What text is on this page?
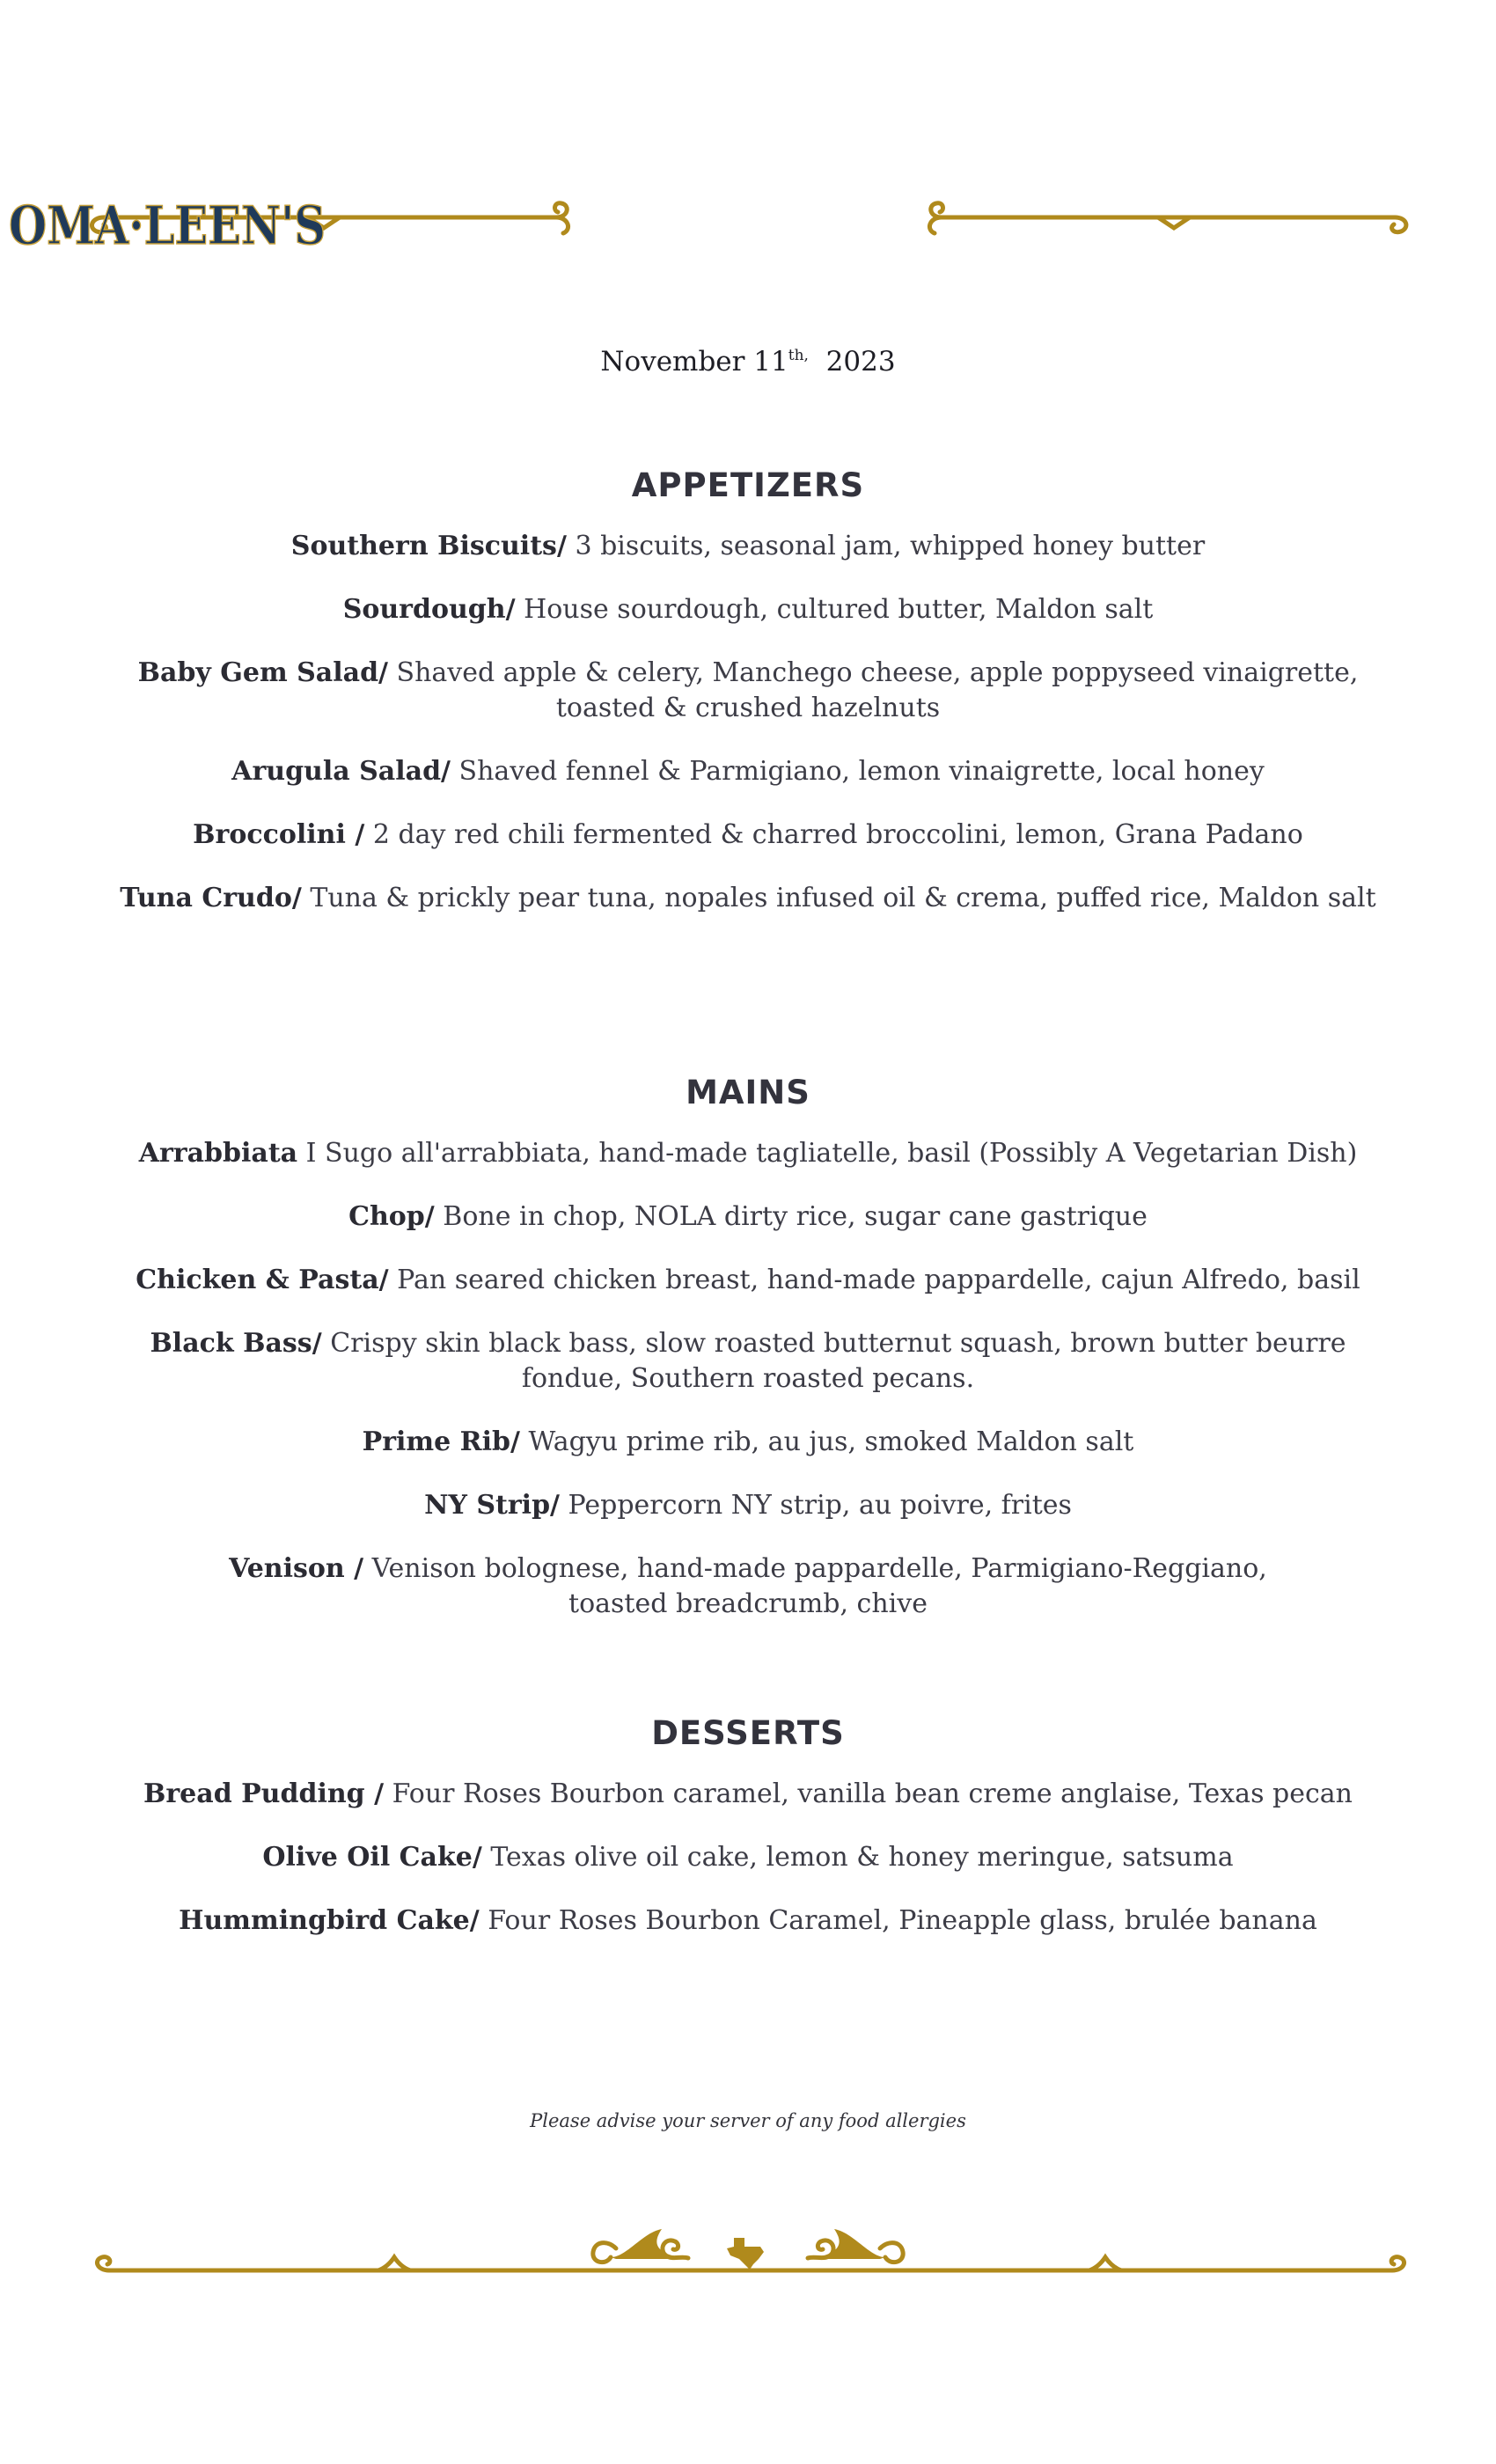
OMA·LEEN'S
November $11^{th,}$ 2023
APPETIZERS
Southern Biscuits/ 3 biscuits, seasonal jam, whipped honey butter
Sourdough/ House sourdough, cultured butter, Maldon salt
Baby Gem Salad/ Shaved apple & celery, Manchego cheese, apple poppyseed vinaigrette, toasted & crushed hazelnuts
Arugula Salad/ Shaved fennel & Parmigiano, lemon vinaigrette, local honey
Broccolini / 2 day red chili fermented & charred broccolini, lemon, Grana Padano
Tuna Crudo/ Tuna & prickly pear tuna, nopales infused oil & crema, puffed rice, Maldon salt
MAINS
Arrabbiata I Sugo all'arrabbiata, hand-made tagliatelle, basil (Possibly A Vegetarian Dish)
Chop/ Bone in chop, NOLA dirty rice, sugar cane gastrique
Chicken & Pasta/ Pan seared chicken breast, hand-made pappardelle, cajun Alfredo, basil
Black Bass/ Crispy skin black bass, slow roasted butternut squash, brown butter beurre fondue, Southern roasted pecans.
Prime Rib/ Wagyu prime rib, au jus, smoked Maldon salt
NY Strip/ Peppercorn NY strip, au poivre, frites
Venison / Venison bolognese, hand-made pappardelle, Parmigiano-Reggiano, toasted breadcrumb, chive
DESSERTS
Bread Pudding / Four Roses Bourbon caramel, vanilla bean creme anglaise, Texas pecan
Olive Oil Cake/ Texas olive oil cake, lemon & honey meringue, satsuma
Hummingbird Cake/ Four Roses Bourbon Caramel, Pineapple glass, brulée banana
Please advise your server of any food allergies
